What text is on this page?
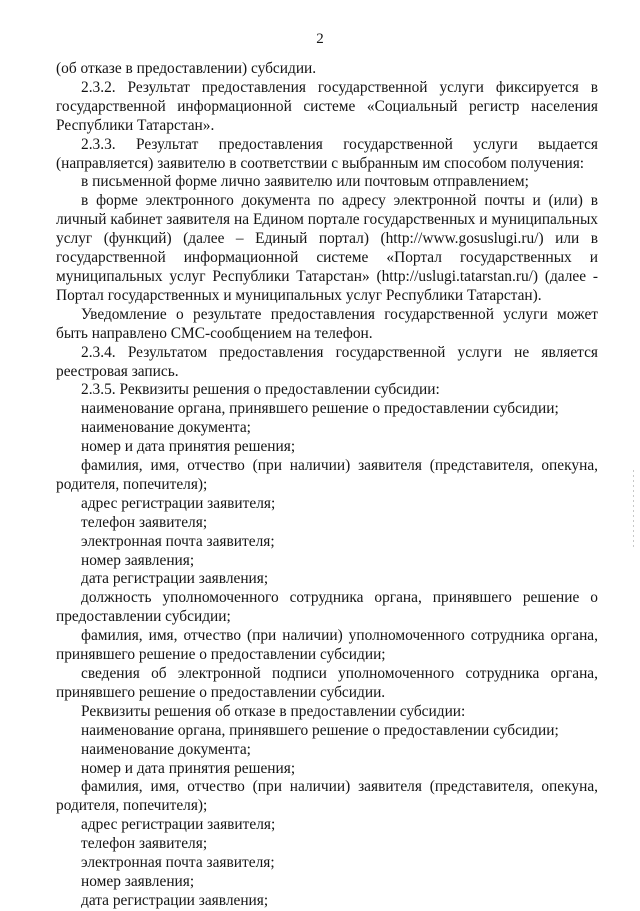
2

(об отказе в предоставлении) субсидии.

2.3.2. Результат предоставления государственной услуги фиксируется в государственной информационной системе «Социальный регистр населения Республики Татарстан».

2.3.3. Результат предоставления государственной услуги выдается (направляется) заявителю в соответствии с выбранным им способом получения:

в письменной форме лично заявителю или почтовым отправлением;

в форме электронного документа по адресу электронной почты и (или) в личный кабинет заявителя на Едином портале государственных и муниципальных услуг (функций) (далее – Единый портал) (http://www.gosuslugi.ru/) или в государственной информационной системе «Портал государственных и муниципальных услуг Республики Татарстан» (http://uslugi.tatarstan.ru/) (далее - Портал государственных и муниципальных услуг Республики Татарстан).

Уведомление о результате предоставления государственной услуги может быть направлено СМС-сообщением на телефон.

2.3.4. Результатом предоставления государственной услуги не является реестровая запись.

2.3.5. Реквизиты решения о предоставлении субсидии:

наименование органа, принявшего решение о предоставлении субсидии;

наименование документа;

номер и дата принятия решения;

фамилия, имя, отчество (при наличии) заявителя (представителя, опекуна, родителя, попечителя);

адрес регистрации заявителя;

телефон заявителя;

электронная почта заявителя;

номер заявления;

дата регистрации заявления;

должность уполномоченного сотрудника органа, принявшего решение о предоставлении субсидии;

фамилия, имя, отчество (при наличии) уполномоченного сотрудника органа, принявшего решение о предоставлении субсидии;

сведения об электронной подписи уполномоченного сотрудника органа, принявшего решение о предоставлении субсидии.

Реквизиты решения об отказе в предоставлении субсидии:

наименование органа, принявшего решение о предоставлении субсидии;

наименование документа;

номер и дата принятия решения;

фамилия, имя, отчество (при наличии) заявителя (представителя, опекуна, родителя, попечителя);

адрес регистрации заявителя;

телефон заявителя;

электронная почта заявителя;

номер заявления;

дата регистрации заявления;
